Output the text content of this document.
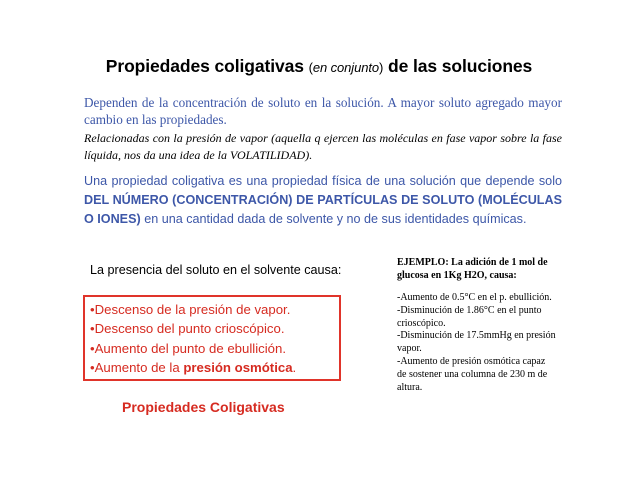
Propiedades coligativas (en conjunto) de las soluciones

Dependen de la concentración de soluto en la solución. A mayor soluto agregado mayor cambio en las propiedades.

Relacionadas con la presión de vapor (aquella q ejercen las moléculas en fase vapor sobre la fase líquida, nos da una idea de la VOLATILIDAD).

Una propiedad coligativa es una propiedad física de una solución que depende solo DEL NÚMERO (CONCENTRACIÓN) DE PARTÍCULAS DE SOLUTO (MOLÉCULAS O IONES) en una cantidad dada de solvente y no de sus identidades químicas.

La presencia del soluto en el solvente causa:
•Descenso de la presión de vapor.
•Descenso del punto crioscópico.
•Aumento del punto de ebullición.
•Aumento de la presión osmótica.
Propiedades Coligativas
EJEMPLO: La adición de 1 mol de glucosa en 1Kg H2O, causa:
-Aumento de 0.5°C en el p. ebullición.
-Disminución de 1.86°C en el punto crioscópico.
-Disminución de 17.5mmHg en presión vapor.
-Aumento de presión osmótica capaz de sostener una columna de 230 m de altura.
